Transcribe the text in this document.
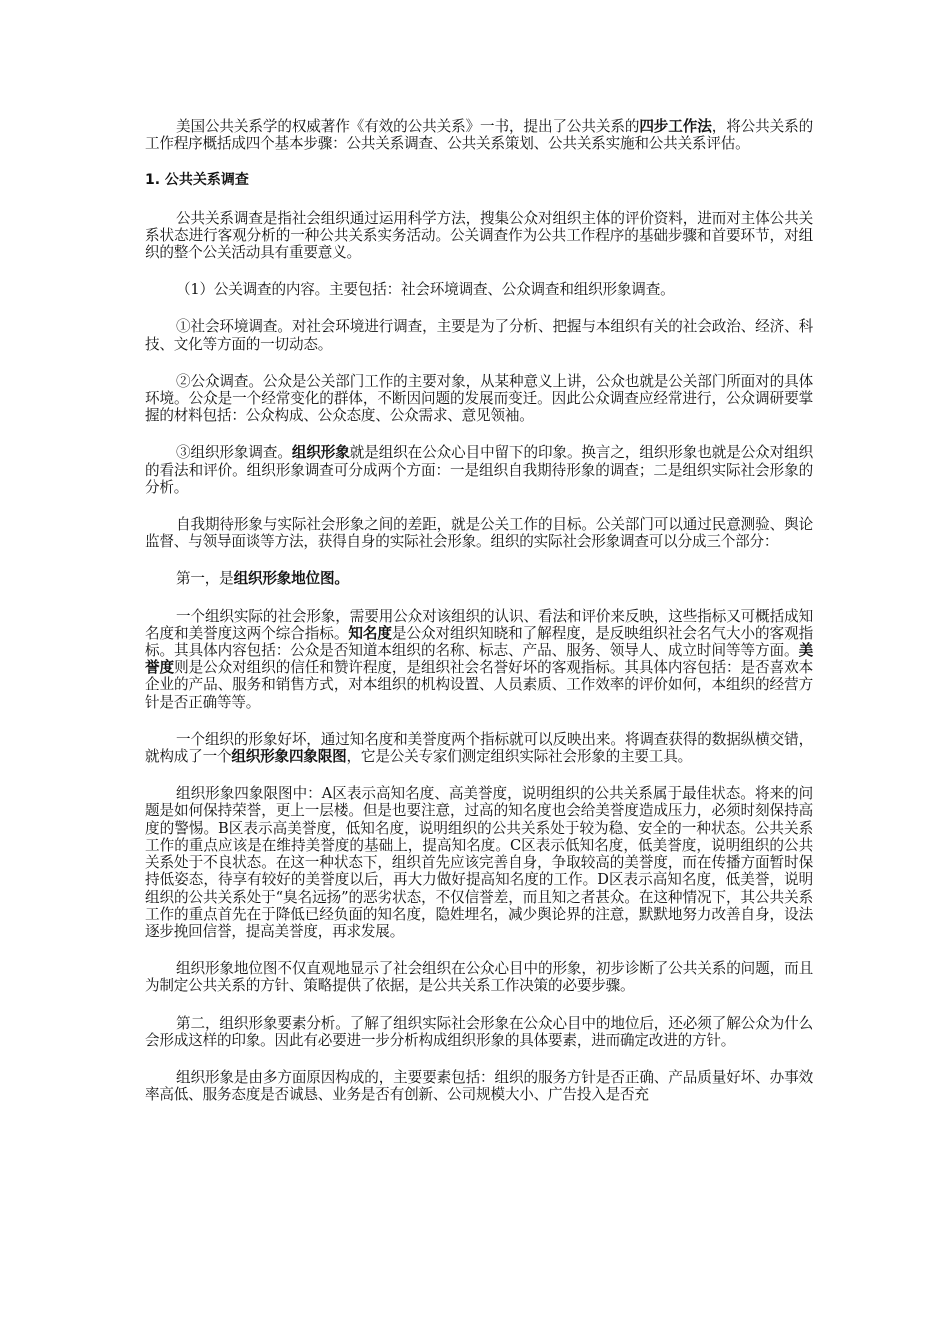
美国公共关系学的权威著作《有效的公共关系》一书，提出了公共关系的四步工作法，将公共关系的工作程序概括成四个基本步骤：公共关系调查、公共关系策划、公共关系实施和公共关系评估。

1. 公共关系调查

公共关系调查是指社会组织通过运用科学方法，搜集公众对组织主体的评价资料，进而对主体公共关系状态进行客观分析的一种公共关系实务活动。公关调查作为公共工作程序的基础步骤和首要环节，对组织的整个公关活动具有重要意义。

（1）公关调查的内容。主要包括：社会环境调查、公众调查和组织形象调查。

①社会环境调查。对社会环境进行调查，主要是为了分析、把握与本组织有关的社会政治、经济、科技、文化等方面的一切动态。

②公众调查。公众是公关部门工作的主要对象，从某种意义上讲，公众也就是公关部门所面对的具体环境。公众是一个经常变化的群体，不断因问题的发展而变迁。因此公众调查应经常进行，公众调研要掌握的材料包括：公众构成、公众态度、公众需求、意见领袖。

③组织形象调查。组织形象就是组织在公众心目中留下的印象。换言之，组织形象也就是公众对组织的看法和评价。组织形象调查可分成两个方面：一是组织自我期待形象的调查；二是组织实际社会形象的分析。

自我期待形象与实际社会形象之间的差距，就是公关工作的目标。公关部门可以通过民意测验、舆论监督、与领导面谈等方法，获得自身的实际社会形象。组织的实际社会形象调查可以分成三个部分：

第一，是组织形象地位图。

一个组织实际的社会形象，需要用公众对该组织的认识、看法和评价来反映，这些指标又可概括成知名度和美誉度这两个综合指标。知名度是公众对组织知晓和了解程度，是反映组织社会名气大小的客观指标。其具体内容包括：公众是否知道本组织的名称、标志、产品、服务、领导人、成立时间等等方面。美誉度则是公众对组织的信任和赞许程度，是组织社会名誉好坏的客观指标。其具体内容包括：是否喜欢本企业的产品、服务和销售方式，对本组织的机构设置、人员素质、工作效率的评价如何，本组织的经营方针是否正确等等。

一个组织的形象好坏，通过知名度和美誉度两个指标就可以反映出来。将调查获得的数据纵横交错，就构成了一个组织形象四象限图，它是公关专家们测定组织实际社会形象的主要工具。

组织形象四象限图中：A区表示高知名度、高美誉度，说明组织的公共关系属于最佳状态。将来的问题是如何保持荣誉，更上一层楼。但是也要注意，过高的知名度也会给美誉度造成压力，必须时刻保持高度的警惕。B区表示高美誉度，低知名度，说明组织的公共关系处于较为稳、安全的一种状态。公共关系工作的重点应该是在维持美誉度的基础上，提高知名度。C区表示低知名度，低美誉度，说明组织的公共关系处于不良状态。在这一种状态下，组织首先应该完善自身，争取较高的美誉度，而在传播方面暂时保持低姿态，待享有较好的美誉度以后，再大力做好提高知名度的工作。D区表示高知名度，低美誉，说明组织的公共关系处于“臭名远扬”的恶劣状态，不仅信誉差，而且知之者甚众。在这种情况下，其公共关系工作的重点首先在于降低已经负面的知名度，隐姓埋名，减少舆论界的注意，默默地努力改善自身，设法逐步挽回信誉，提高美誉度，再求发展。

组织形象地位图不仅直观地显示了社会组织在公众心目中的形象，初步诊断了公共关系的问题，而且为制定公共关系的方针、策略提供了依据，是公共关系工作决策的必要步骤。

第二，组织形象要素分析。了解了组织实际社会形象在公众心目中的地位后，还必须了解公众为什么会形成这样的印象。因此有必要进一步分析构成组织形象的具体要素，进而确定改进的方针。

组织形象是由多方面原因构成的，主要要素包括：组织的服务方针是否正确、产品质量好坏、办事效率高低、服务态度是否诚恳、业务是否有创新、公司规模大小、广告投入是否充
